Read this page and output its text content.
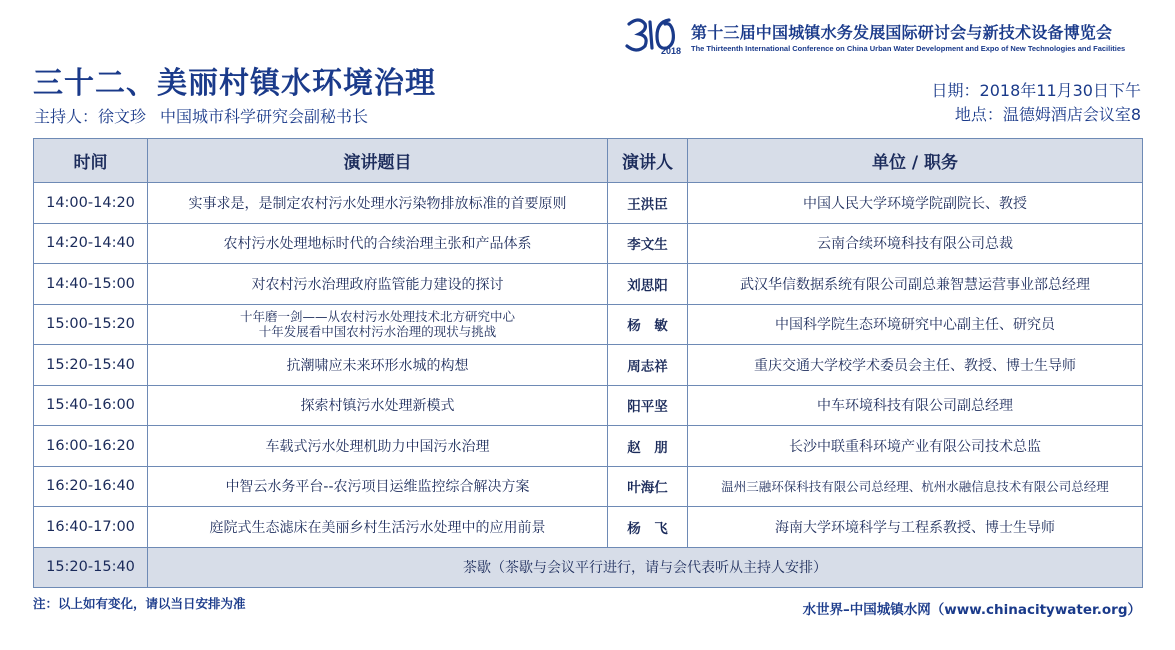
2018
第十三届中国城镇水务发展国际研讨会与新技术设备博览会
The Thirteenth International Conference on China Urban Water Development and Expo of New Technologies and Facilities
三十二、美丽村镇水环境治理
主持人：徐文珍 中国城市科学研究会副秘书长
日期：2018年11月30日下午
地点：温德姆酒店会议室8
时间	演讲题目	演讲人	单位 / 职务
14:00-14:20	实事求是，是制定农村污水处理水污染物排放标准的首要原则	王洪臣	中国人民大学环境学院副院长、教授
14:20-14:40	农村污水处理地标时代的合续治理主张和产品体系	李文生	云南合续环境科技有限公司总裁
14:40-15:00	对农村污水治理政府监管能力建设的探讨	刘思阳	武汉华信数据系统有限公司副总兼智慧运营事业部总经理
15:00-15:20	十年磨一剑——从农村污水处理技术北方研究中心
十年发展看中国农村污水治理的现状与挑战	杨　敏	中国科学院生态环境研究中心副主任、研究员
15:20-15:40	抗潮啸应未来环形水城的构想	周志祥	重庆交通大学校学术委员会主任、教授、博士生导师
15:40-16:00	探索村镇污水处理新模式	阳平坚	中车环境科技有限公司副总经理
16:00-16:20	车载式污水处理机助力中国污水治理	赵　朋	长沙中联重科环境产业有限公司技术总监
16:20-16:40	中智云水务平台--农污项目运维监控综合解决方案	叶海仁	温州三融环保科技有限公司总经理、杭州水融信息技术有限公司总经理
16:40-17:00	庭院式生态滤床在美丽乡村生活污水处理中的应用前景	杨　飞	海南大学环境科学与工程系教授、博士生导师
15:20-15:40	茶歇（茶歇与会议平行进行，请与会代表听从主持人安排）		
注：以上如有变化，请以当日安排为准	水世界–中国城镇水网（www.chinacitywater.org）
